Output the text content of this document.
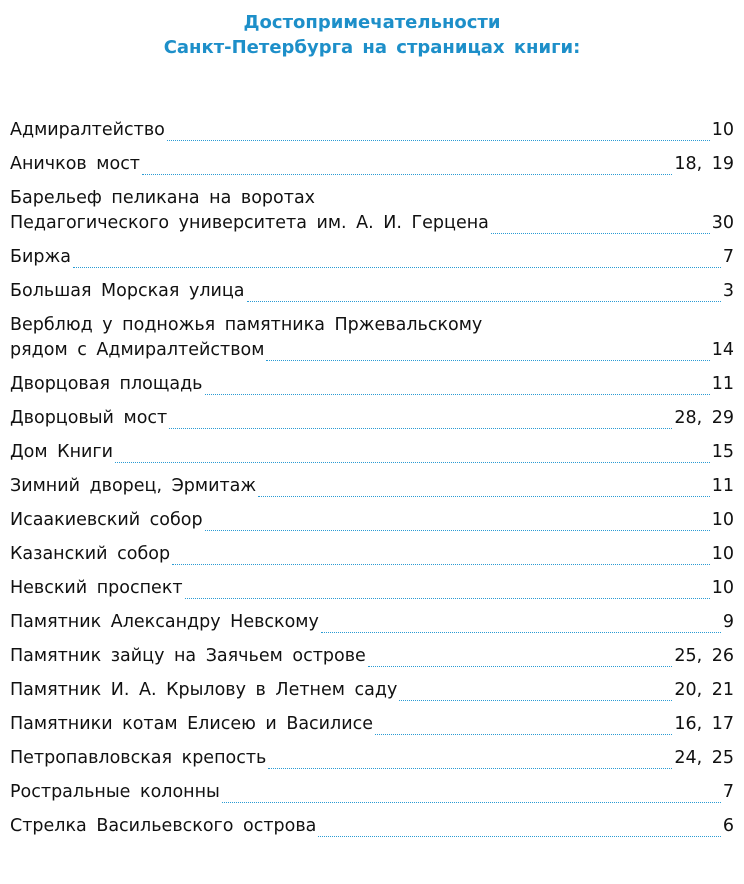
Достопримечательности
Санкт-Петербурга на страницах книги:
Адмиралтейство	10
Аничков мост	18, 19
Барельеф пеликана на воротах
Педагогического университета им. А. И. Герцена	30
Биржа	7
Большая Морская улица	3
Верблюд у подножья памятника Пржевальскому
рядом с Адмиралтейством	14
Дворцовая площадь	11
Дворцовый мост	28, 29
Дом Книги	15
Зимний дворец, Эрмитаж	11
Исаакиевский собор	10
Казанский собор	10
Невский проспект	10
Памятник Александру Невскому	9
Памятник зайцу на Заячьем острове	25, 26
Памятник И. А. Крылову в Летнем саду	20, 21
Памятники котам Елисею и Василисе	16, 17
Петропавловская крепость	24, 25
Ростральные колонны	7
Стрелка Васильевского острова	6
